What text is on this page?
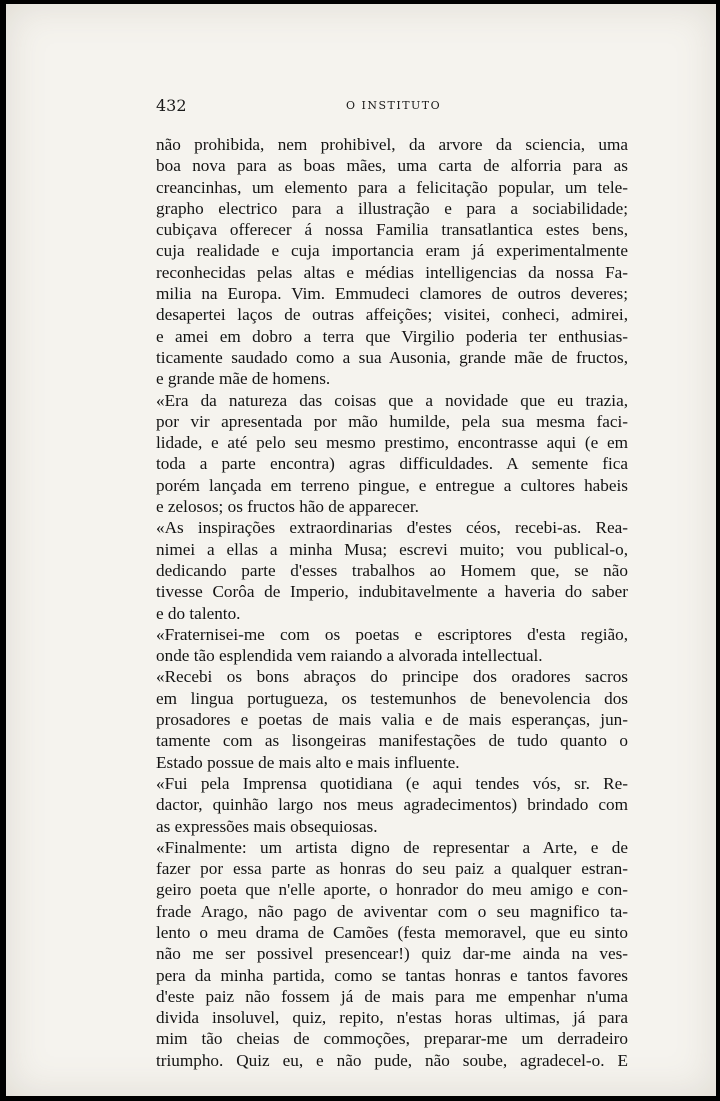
432	O INSTITUTO
não prohibida, nem prohibivel, da arvore da sciencia, uma
boa nova para as boas mães, uma carta de alforria para as
creancinhas, um elemento para a felicitação popular, um tele-
grapho electrico para a illustração e para a sociabilidade;
cubiçava offerecer á nossa Familia transatlantica estes bens,
cuja realidade e cuja importancia eram já experimentalmente
reconhecidas pelas altas e médias intelligencias da nossa Fa-
milia na Europa. Vim. Emmudeci clamores de outros deveres;
desapertei laços de outras affeições; visitei, conheci, admirei,
e amei em dobro a terra que Virgilio poderia ter enthusias-
ticamente saudado como a sua Ausonia, grande mãe de fructos,
e grande mãe de homens.
«Era da natureza das coisas que a novidade que eu trazia,
por vir apresentada por mão humilde, pela sua mesma faci-
lidade, e até pelo seu mesmo prestimo, encontrasse aqui (e em
toda a parte encontra) agras difficuldades. A semente fica
porém lançada em terreno pingue, e entregue a cultores habeis
e zelosos; os fructos hão de apparecer.
«As inspirações extraordinarias d'estes céos, recebi-as. Rea-
nimei a ellas a minha Musa; escrevi muito; vou publical-o,
dedicando parte d'esses trabalhos ao Homem que, se não
tivesse Corôa de Imperio, indubitavelmente a haveria do saber
e do talento.
«Fraternisei-me com os poetas e escriptores d'esta região,
onde tão esplendida vem raiando a alvorada intellectual.
«Recebi os bons abraços do principe dos oradores sacros
em lingua portugueza, os testemunhos de benevolencia dos
prosadores e poetas de mais valia e de mais esperanças, jun-
tamente com as lisongeiras manifestações de tudo quanto o
Estado possue de mais alto e mais influente.
«Fui pela Imprensa quotidiana (e aqui tendes vós, sr. Re-
dactor, quinhão largo nos meus agradecimentos) brindado com
as expressões mais obsequiosas.
«Finalmente: um artista digno de representar a Arte, e de
fazer por essa parte as honras do seu paiz a qualquer estran-
geiro poeta que n'elle aporte, o honrador do meu amigo e con-
frade Arago, não pago de aviventar com o seu magnifico ta-
lento o meu drama de Camões (festa memoravel, que eu sinto
não me ser possivel presencear!) quiz dar-me ainda na ves-
pera da minha partida, como se tantas honras e tantos favores
d'este paiz não fossem já de mais para me empenhar n'uma
divida insoluvel, quiz, repito, n'estas horas ultimas, já para
mim tão cheias de commoções, preparar-me um derradeiro
triumpho. Quiz eu, e não pude, não soube, agradecel-o. E
